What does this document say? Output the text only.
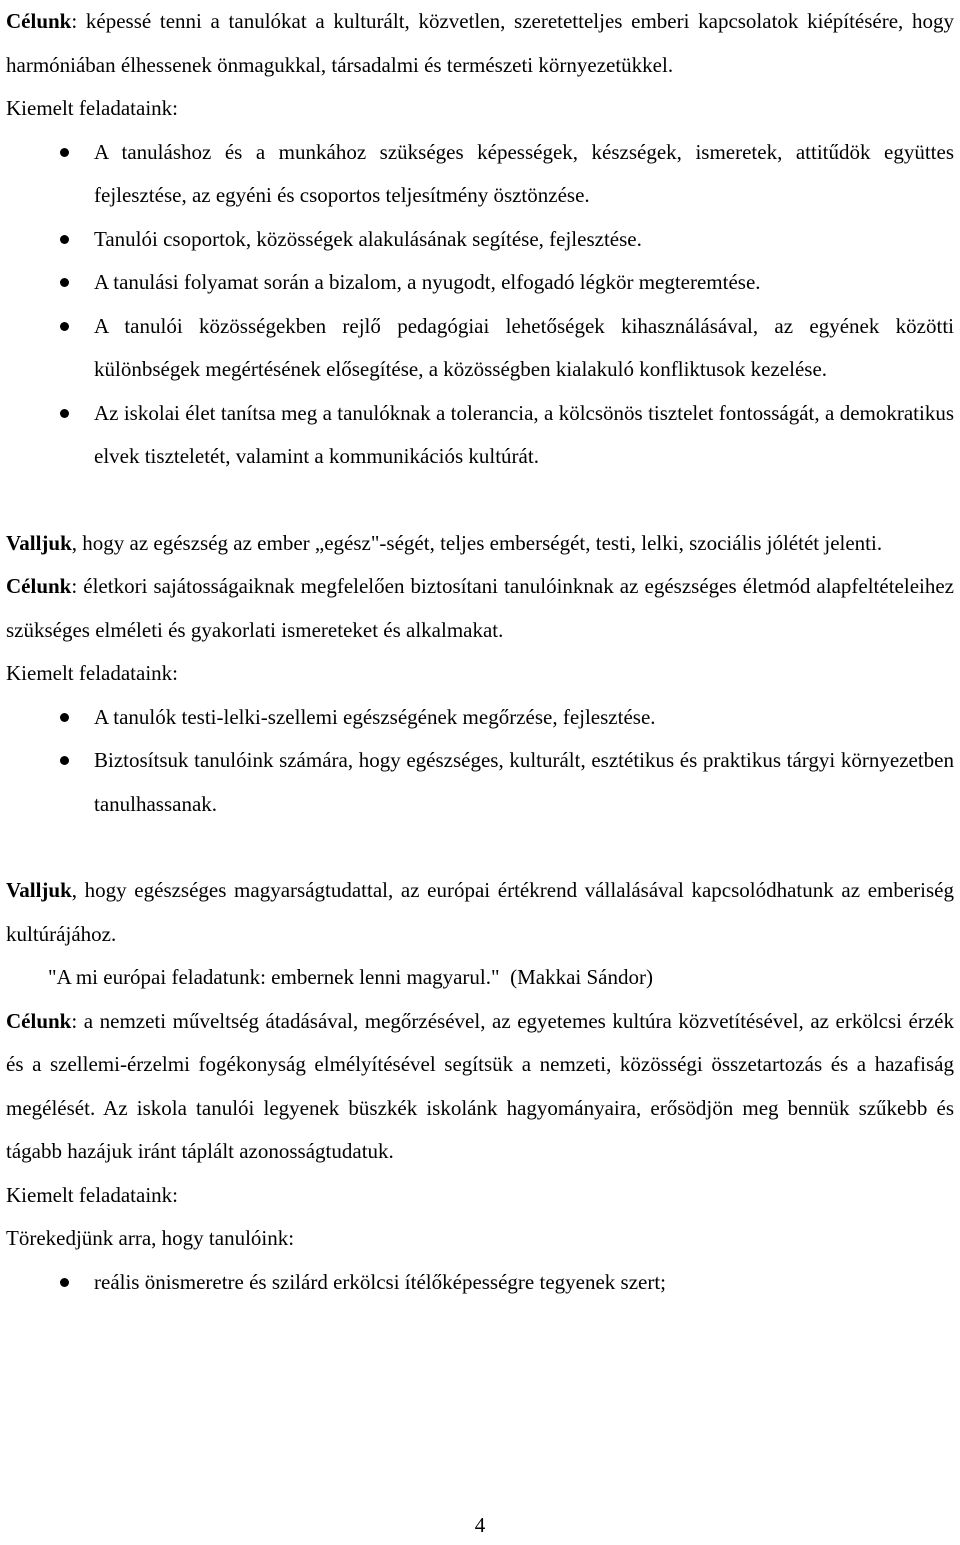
Célunk: képessé tenni a tanulókat a kulturált, közvetlen, szeretetteljes emberi kapcsolatok kiépítésére, hogy harmóniában élhessenek önmagukkal, társadalmi és természeti környezetükkel.

Kiemelt feladataink:

A tanuláshoz és a munkához szükséges képességek, készségek, ismeretek, attitűdök együttes fejlesztése, az egyéni és csoportos teljesítmény ösztönzése.
Tanulói csoportok, közösségek alakulásának segítése, fejlesztése.
A tanulási folyamat során a bizalom, a nyugodt, elfogadó légkör megteremtése.
A tanulói közösségekben rejlő pedagógiai lehetőségek kihasználásával, az egyének közötti különbségek megértésének elősegítése, a közösségben kialakuló konfliktusok kezelése.
Az iskolai élet tanítsa meg a tanulóknak a tolerancia, a kölcsönös tisztelet fontosságát, a demokratikus elvek tiszteletét, valamint a kommunikációs kultúrát.

Valljuk, hogy az egészség az ember „egész"-ségét, teljes emberségét, testi, lelki, szociális jólétét jelenti.

Célunk: életkori sajátosságaiknak megfelelően biztosítani tanulóinknak az egészséges életmód alapfeltételeihez szükséges elméleti és gyakorlati ismereteket és alkalmakat.

Kiemelt feladataink:

A tanulók testi-lelki-szellemi egészségének megőrzése, fejlesztése.
Biztosítsuk tanulóink számára, hogy egészséges, kulturált, esztétikus és praktikus tárgyi környezetben tanulhassanak.

Valljuk, hogy egészséges magyarságtudattal, az európai értékrend vállalásával kapcsolódhatunk az emberiség kultúrájához.

"A mi európai feladatunk: embernek lenni magyarul."  (Makkai Sándor)

Célunk: a nemzeti műveltség átadásával, megőrzésével, az egyetemes kultúra közvetítésével, az erkölcsi érzék és a szellemi-érzelmi fogékonyság elmélyítésével segítsük a nemzeti, közösségi összetartozás és a hazafiság megélését. Az iskola tanulói legyenek büszkék iskolánk hagyományaira, erősödjön meg bennük szűkebb és tágabb hazájuk iránt táplált azonosságtudatuk.

Kiemelt feladataink:

Törekedjünk arra, hogy tanulóink:

reális önismeretre és szilárd erkölcsi ítélőképességre tegyenek szert;
4
